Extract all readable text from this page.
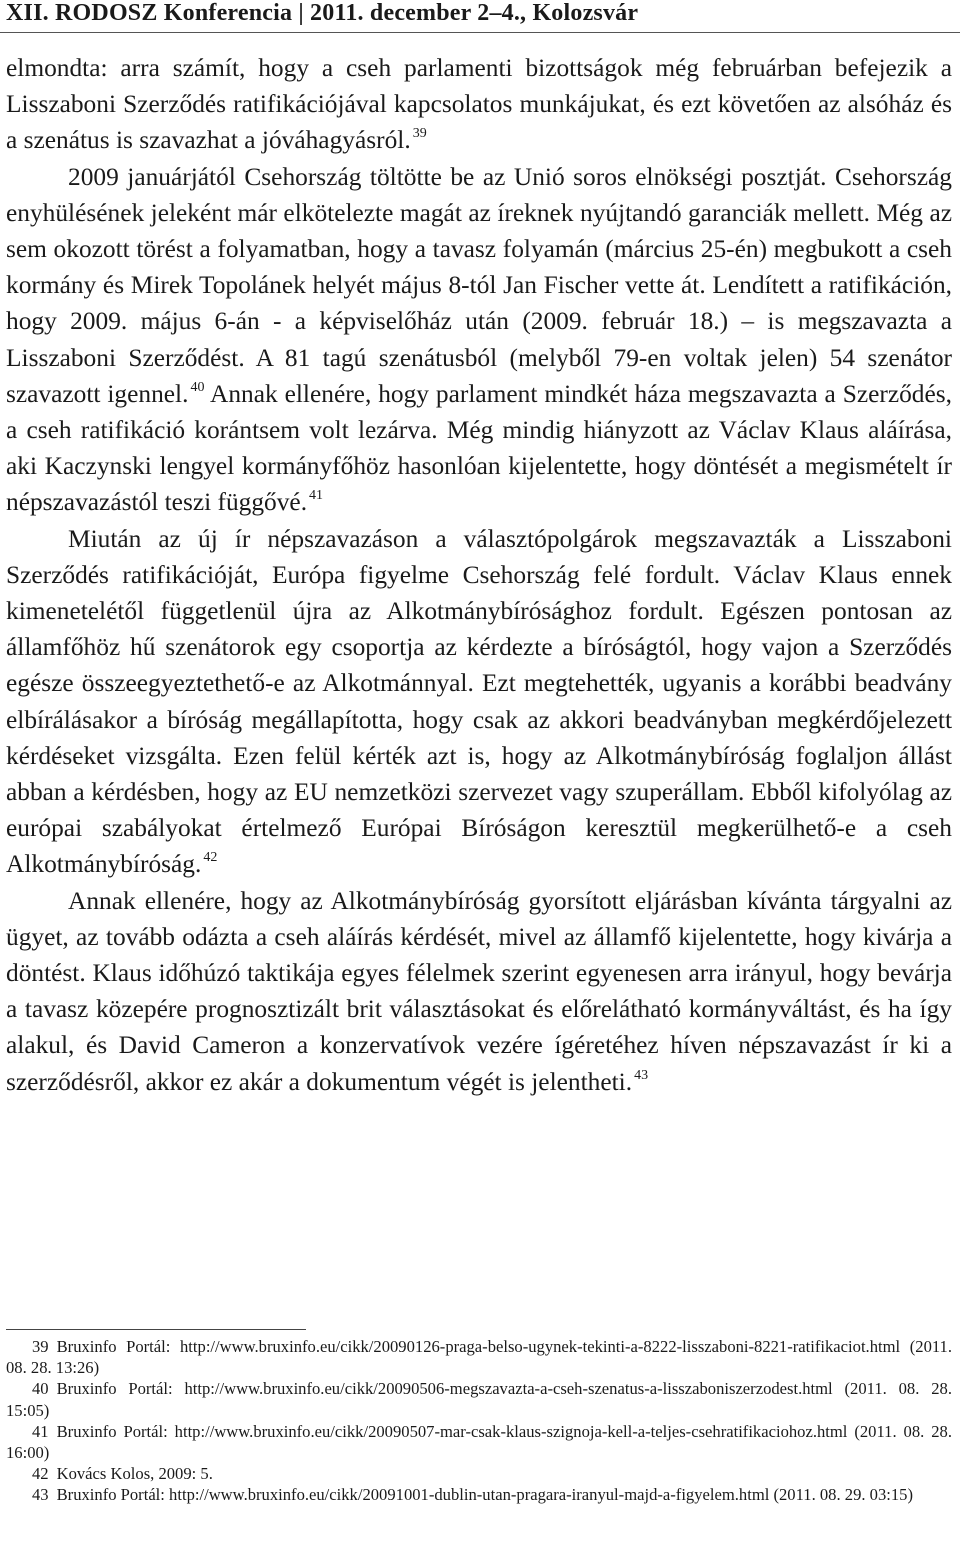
XII. RODOSZ Konferencia | 2011. december 2–4., Kolozsvár

elmondta: arra számít, hogy a cseh parlamenti bizottságok még februárban befejezik a Lisszaboni Szerződés ratifikációjával kapcsolatos munkájukat, és ezt követően az alsóház és a szenátus is szavazhat a jóváhagyásról. $^{39}$

2009 januárjától Csehország töltötte be az Unió soros elnökségi posztját. Csehország enyhülésének jeleként már elkötelezte magát az íreknek nyújtandó garanciák mellett. Még az sem okozott törést a folyamatban, hogy a tavasz folyamán (március 25-én) megbukott a cseh kormány és Mirek Topolánek helyét május 8-tól Jan Fischer vette át. Lendített a ratifikáción, hogy 2009. május 6-án - a képviselőház után (2009. február 18.) – is megszavazta a Lisszaboni Szerződést. A 81 tagú szenátusból (melyből 79-en voltak jelen) 54 szenátor szavazott igennel. $^{40}$ Annak ellenére, hogy parlament mindkét háza megszavazta a Szerződés, a cseh ratifikáció korántsem volt lezárva. Még mindig hiányzott az Václav Klaus aláírása, aki Kaczynski lengyel kormányfőhöz hasonlóan kijelentette, hogy döntését a megismételt ír népszavazástól teszi függővé. $^{41}$

Miután az új ír népszavazáson a választópolgárok megszavazták a Lisszaboni Szerződés ratifikációját, Európa figyelme Csehország felé fordult. Václav Klaus ennek kimenetelétől függetlenül újra az Alkotmánybírósághoz fordult. Egészen pontosan az államfőhöz hű szenátorok egy csoportja az kérdezte a bíróságtól, hogy vajon a Szerződés egésze összeegyeztethető-e az Alkotmánnyal. Ezt megtehették, ugyanis a korábbi beadvány elbírálásakor a bíróság megállapította, hogy csak az akkori beadványban megkérdőjelezett kérdéseket vizsgálta. Ezen felül kérték azt is, hogy az Alkotmánybíróság foglaljon állást abban a kérdésben, hogy az EU nemzetközi szervezet vagy szuperállam. Ebből kifolyólag az európai szabályokat értelmező Európai Bíróságon keresztül megkerülhető-e a cseh Alkotmánybíróság. $^{42}$

Annak ellenére, hogy az Alkotmánybíróság gyorsított eljárásban kívánta tárgyalni az ügyet, az tovább odázta a cseh aláírás kérdését, mivel az államfő kijelentette, hogy kivárja a döntést. Klaus időhúzó taktikája egyes félelmek szerint egyenesen arra irányul, hogy bevárja a tavasz közepére prognosztizált brit választásokat és előrelátható kormányváltást, és ha így alakul, és David Cameron a konzervatívok vezére ígéretéhez híven népszavazást ír ki a szerződésről, akkor ez akár a dokumentum végét is jelentheti. $^{43}$

39 Bruxinfo Portál: http://www.bruxinfo.eu/cikk/20090126-praga-belso-ugynek-tekinti-a-8222-lisszaboni-8221-ratifikaciot.html (2011. 08. 28. 13:26)

40 Bruxinfo Portál: http://www.bruxinfo.eu/cikk/20090506-megszavazta-a-cseh-szenatus-a-lisszaboniszerzodest.html (2011. 08. 28. 15:05)

41 Bruxinfo Portál: http://www.bruxinfo.eu/cikk/20090507-mar-csak-klaus-szignoja-kell-a-teljes-csehratifikaciohoz.html (2011. 08. 28. 16:00)

42 Kovács Kolos, 2009: 5.

43 Bruxinfo Portál: http://www.bruxinfo.eu/cikk/20091001-dublin-utan-pragara-iranyul-majd-a-figyelem.html (2011. 08. 29. 03:15)
